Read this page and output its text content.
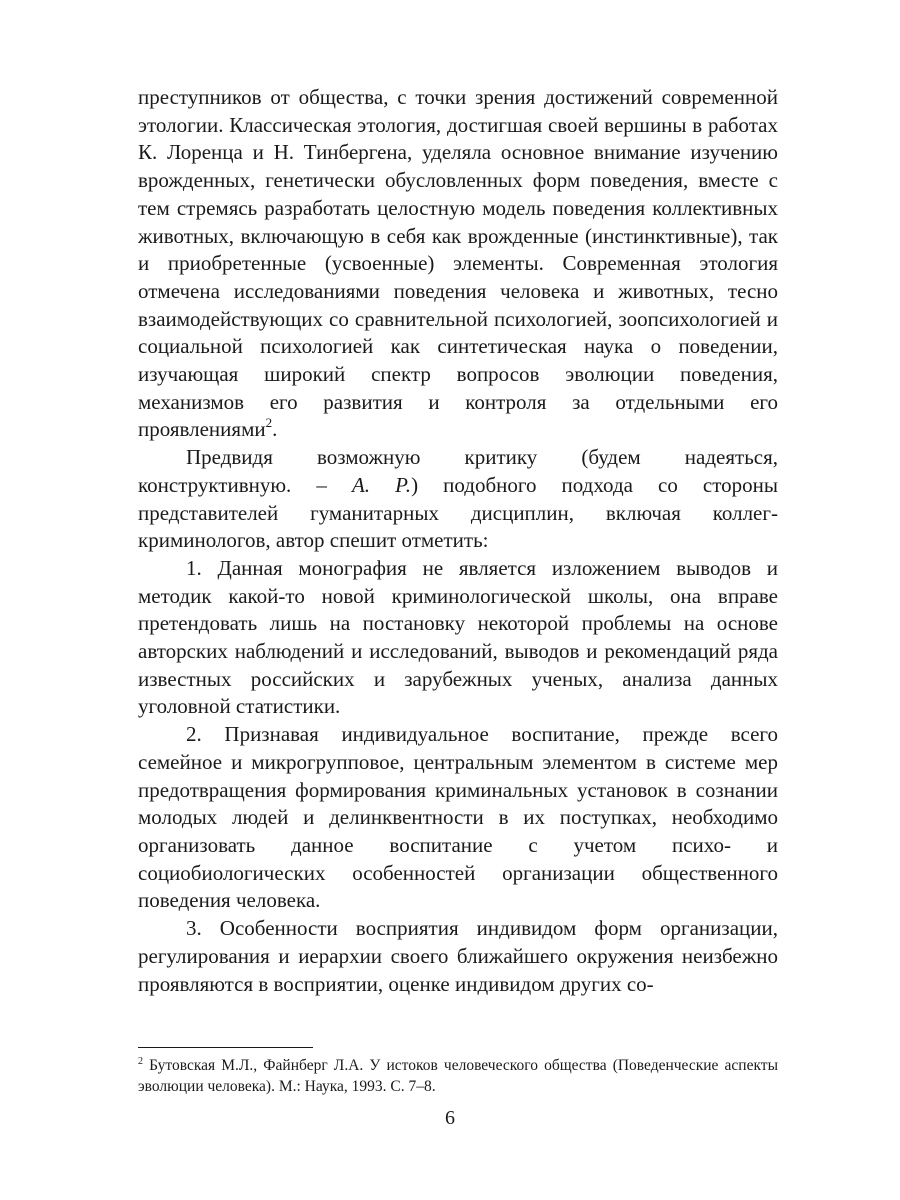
преступников от общества, с точки зрения достижений современной этологии. Классическая этология, достигшая своей вершины в работах К. Лоренца и Н. Тинбергена, уделяла основное внимание изучению врожденных, генетически обусловленных форм поведения, вместе с тем стремясь разработать целостную модель поведения коллективных животных, включающую в себя как врожденные (инстинктивные), так и приобретенные (усвоенные) элементы. Современная этология отмечена исследованиями поведения человека и животных, тесно взаимодействующих со сравнительной психологией, зоопсихологией и социальной психологией как синтетическая наука о поведении, изучающая широкий спектр вопросов эволюции поведения, механизмов его развития и контроля за отдельными его проявлениями$^2$.

Предвидя возможную критику (будем надеяться, конструктивную. – А. Р.) подобного подхода со стороны представителей гуманитарных дисциплин, включая коллег-криминологов, автор спешит отметить:

1. Данная монография не является изложением выводов и методик какой-то новой криминологической школы, она вправе претендовать лишь на постановку некоторой проблемы на основе авторских наблюдений и исследований, выводов и рекомендаций ряда известных российских и зарубежных ученых, анализа данных уголовной статистики.

2. Признавая индивидуальное воспитание, прежде всего семейное и микрогрупповое, центральным элементом в системе мер предотвращения формирования криминальных установок в сознании молодых людей и делинквентности в их поступках, необходимо организовать данное воспитание с учетом психо- и социобиологических особенностей организации общественного поведения человека.

3. Особенности восприятия индивидом форм организации, регулирования и иерархии своего ближайшего окружения неизбежно проявляются в восприятии, оценке индивидом других со-

$^2$ Бутовская М.Л., Файнберг Л.А. У истоков человеческого общества (Поведенческие аспекты эволюции человека). М.: Наука, 1993. С. 7–8.
6
